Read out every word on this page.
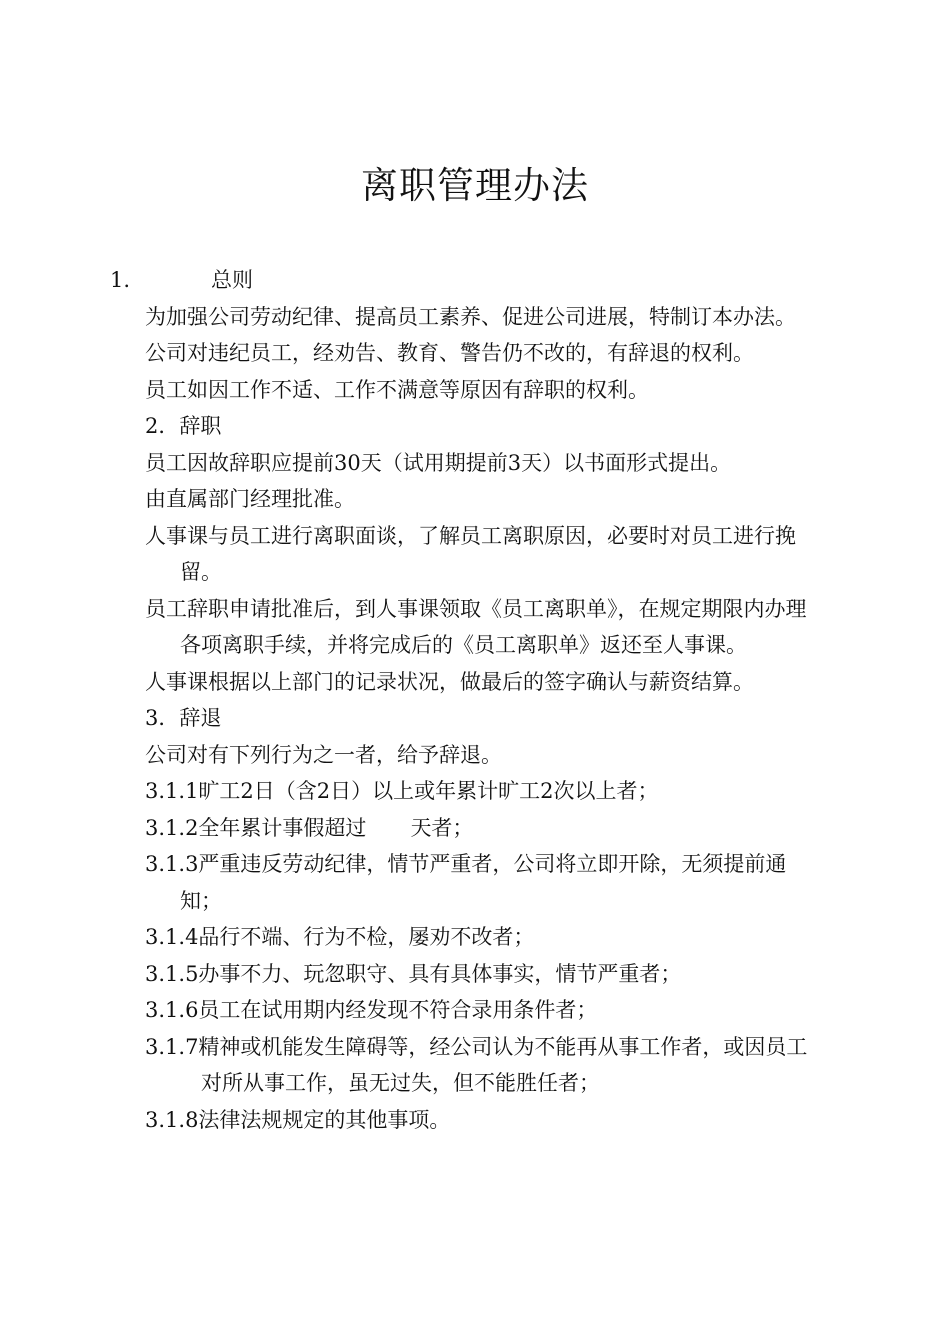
离职管理办法

1.	总则

为加强公司劳动纪律、提高员工素养、促进公司进展，特制订本办法。

公司对违纪员工，经劝告、教育、警告仍不改的，有辞退的权利。

员工如因工作不适、工作不满意等原因有辞职的权利。

2．辞职

员工因故辞职应提前30天（试用期提前3天）以书面形式提出。

由直属部门经理批准。

人事课与员工进行离职面谈，了解员工离职原因，必要时对员工进行挽留。

员工辞职申请批准后，到人事课领取《员工离职单》，在规定期限内办理各项离职手续，并将完成后的《员工离职单》返还至人事课。

人事课根据以上部门的记录状况，做最后的签字确认与薪资结算。

3．辞退

公司对有下列行为之一者，给予辞退。

3.1.1旷工2日（含2日）以上或年累计旷工2次以上者；

3.1.2全年累计事假超过 天者；

3.1.3严重违反劳动纪律，情节严重者，公司将立即开除，无须提前通知；

3.1.4品行不端、行为不检，屡劝不改者；

3.1.5办事不力、玩忽职守、具有具体事实，情节严重者；

3.1.6员工在试用期内经发现不符合录用条件者；

3.1.7精神或机能发生障碍等，经公司认为不能再从事工作者，或因员工对所从事工作，虽无过失，但不能胜任者；

3.1.8法律法规规定的其他事项。
